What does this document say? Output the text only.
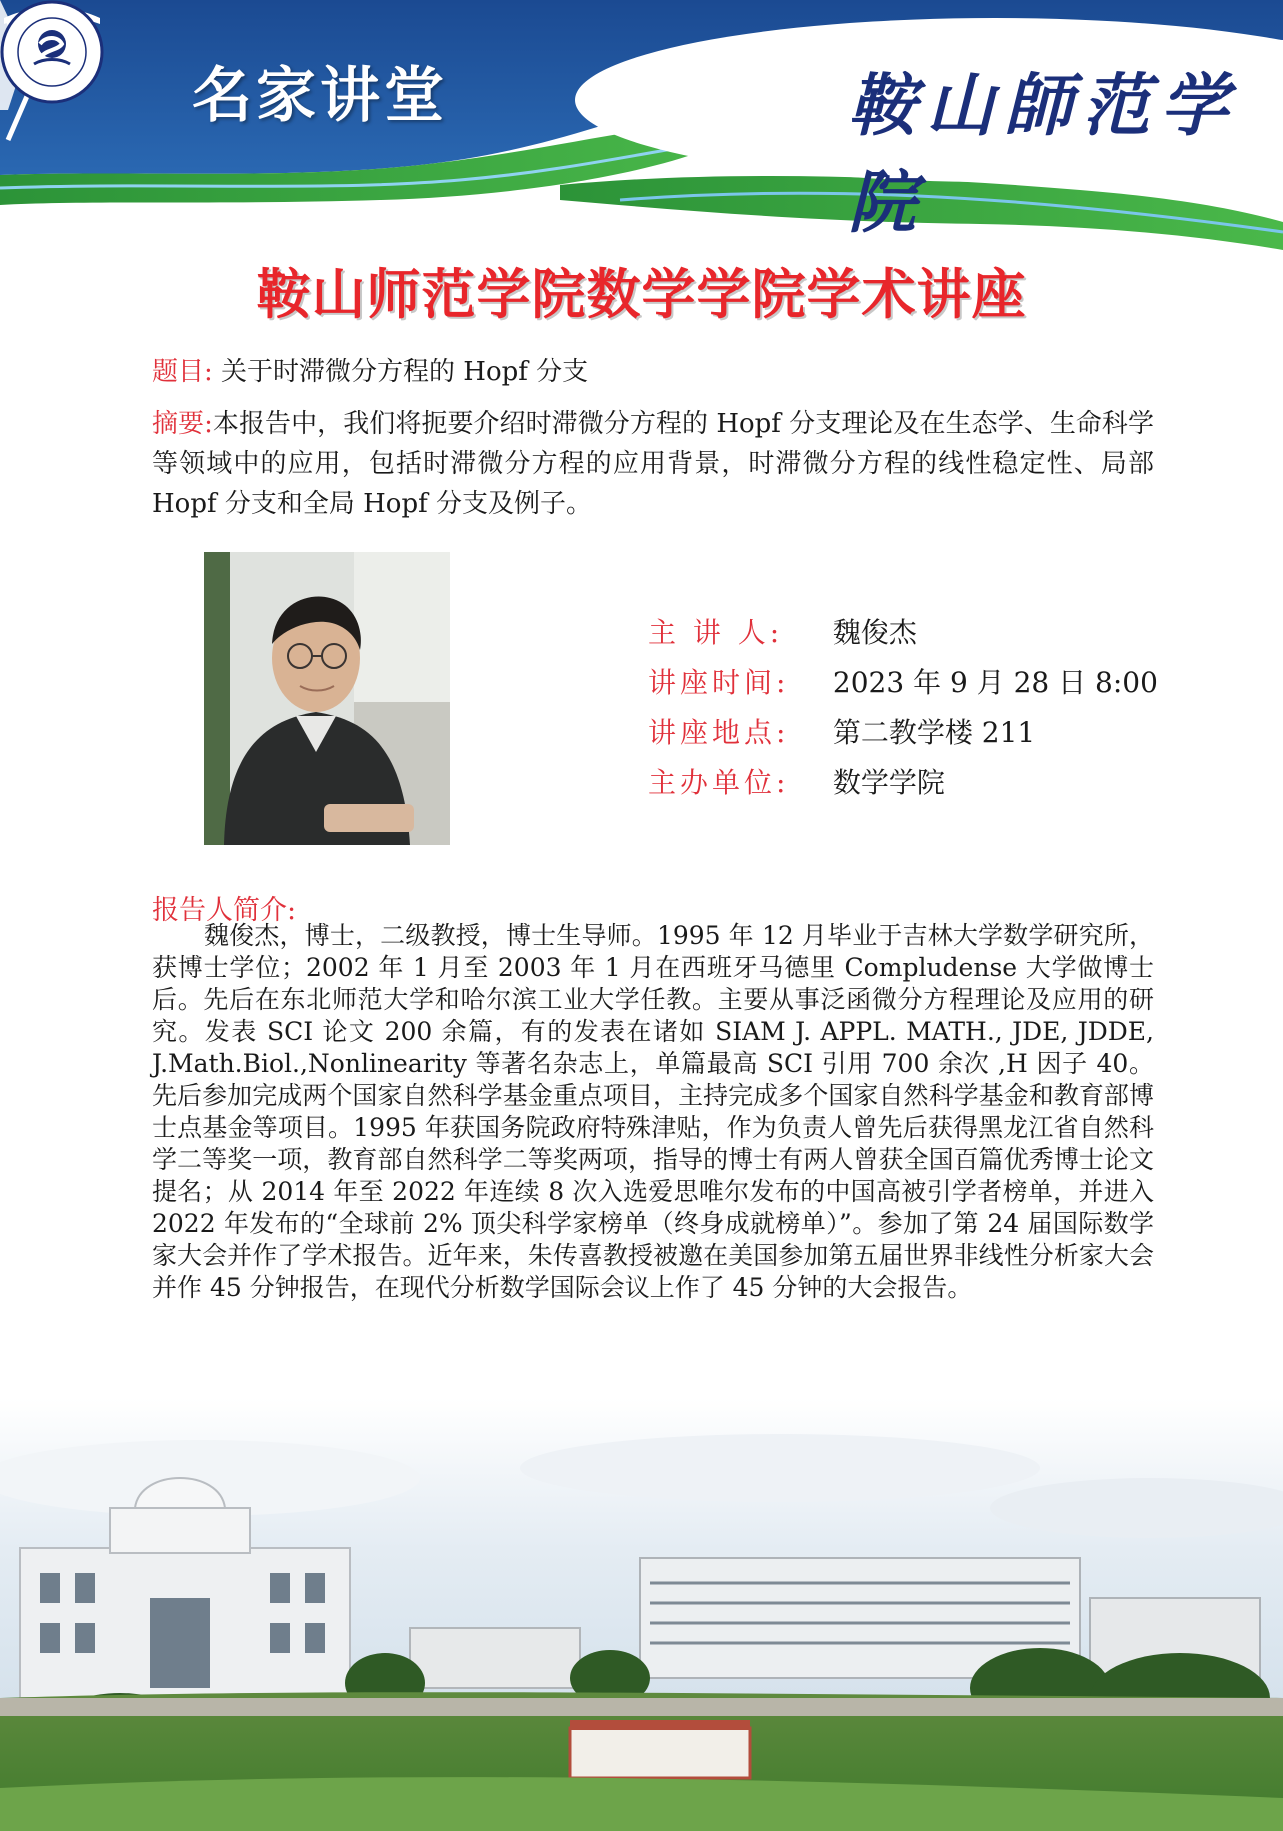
名家讲堂	鞍山師范学院
鞍山师范学院数学学院学术讲座
题目: 关于时滞微分方程的 Hopf 分支
摘要:本报告中，我们将扼要介绍时滞微分方程的 Hopf 分支理论及在生态学、生命科学等领域中的应用，包括时滞微分方程的应用背景，时滞微分方程的线性稳定性、局部 Hopf 分支和全局 Hopf 分支及例子。
主 讲 人: 魏俊杰
讲座时间: 2023 年 9 月 28 日 8:00
讲座地点: 第二教学楼 211
主办单位: 数学学院
报告人简介:
魏俊杰，博士，二级教授，博士生导师。1995 年 12 月毕业于吉林大学数学研究所，获博士学位；2002 年 1 月至 2003 年 1 月在西班牙马德里 Compludense 大学做博士后。先后在东北师范大学和哈尔滨工业大学任教。主要从事泛函微分方程理论及应用的研究。发表 SCI 论文 200 余篇，有的发表在诸如 SIAM J. APPL. MATH., JDE, JDDE, J.Math.Biol.,Nonlinearity 等著名杂志上，单篇最高 SCI 引用 700 余次 ,H 因子 40。先后参加完成两个国家自然科学基金重点项目，主持完成多个国家自然科学基金和教育部博士点基金等项目。1995 年获国务院政府特殊津贴，作为负责人曾先后获得黑龙江省自然科学二等奖一项，教育部自然科学二等奖两项，指导的博士有两人曾获全国百篇优秀博士论文提名；从 2014 年至 2022 年连续 8 次入选爱思唯尔发布的中国高被引学者榜单，并进入 2022 年发布的“全球前 2% 顶尖科学家榜单（终身成就榜单）”。参加了第 24 届国际数学家大会并作了学术报告。近年来，朱传喜教授被邀在美国参加第五届世界非线性分析家大会并作 45 分钟报告，在现代分析数学国际会议上作了 45 分钟的大会报告。
